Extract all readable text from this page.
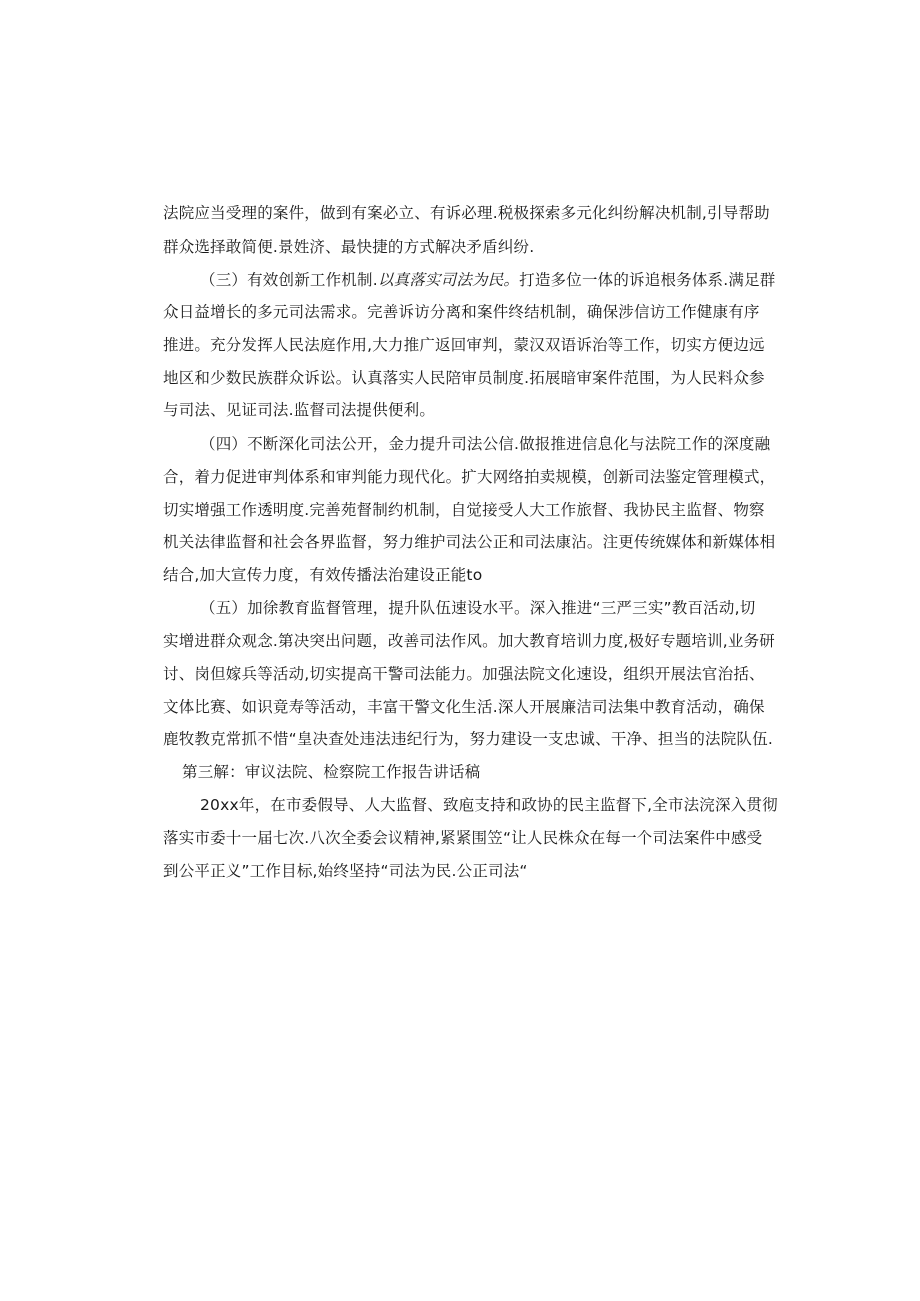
法院应当受理的案件，做到有案必立、有诉必理.税极探索多元化纠纷解决机制,引导帮助
群众选择敢简便.景姓济、最快捷的方式解决矛盾纠纷.
（三）有效创新工作机制.以真落实司法为民。打造多位一体的诉追根务体系.满足群
众日益增长的多元司法需求。完善诉访分离和案件终结机制，确保涉信访工作健康有序
推进。充分发挥人民法庭作用,大力推广返回审判，蒙汉双语诉治等工作，切实方便边远
地区和少数民族群众诉讼。认真落实人民陪审员制度.拓展暗审案件范围，为人民料众参
与司法、见证司法.监督司法提供便利。
（四）不断深化司法公开，金力提升司法公信.做报推进信息化与法院工作的深度融
合，着力促进审判体系和审判能力现代化。扩大网络拍卖规模，创新司法鉴定管理模式，
切实增强工作透明度.完善苑督制约机制，自觉接受人大工作旅督、我协民主监督、物察
机关法律监督和社会各界监督，努力维护司法公正和司法康沾。注更传统媒体和新媒体相
结合,加大宣传力度，有效传播法治建设正能to
（五）加徐教育监督管理，提升队伍速设水平。深入推进“三严三实”教百活动,切
实增进群众观念.第决突出问题，改善司法作风。加大教育培训力度,极好专题培训,业务研
讨、岗但嫁兵等活动,切实提高干警司法能力。加强法院文化速设，组织开展法官治括、
文体比赛、如识竟寿等活动，丰富干警文化生活.深人开展廉洁司法集中教育活动，确保
鹿牧教克常抓不惜“皇决查处违法违纪行为，努力建设一支忠诚、干净、担当的法院队伍.
第三解：审议法院、检察院工作报告讲话稿
20xx年，在市委假导、人大监督、致庖支持和政协的民主监督下,全市法浣深入贯彻
落实市委十一届七次.八次全委会议精神,紧紧围笠“让人民株众在每一个司法案件中感受
到公平正义”工作目标,始终坚持“司法为民.公正司法“
